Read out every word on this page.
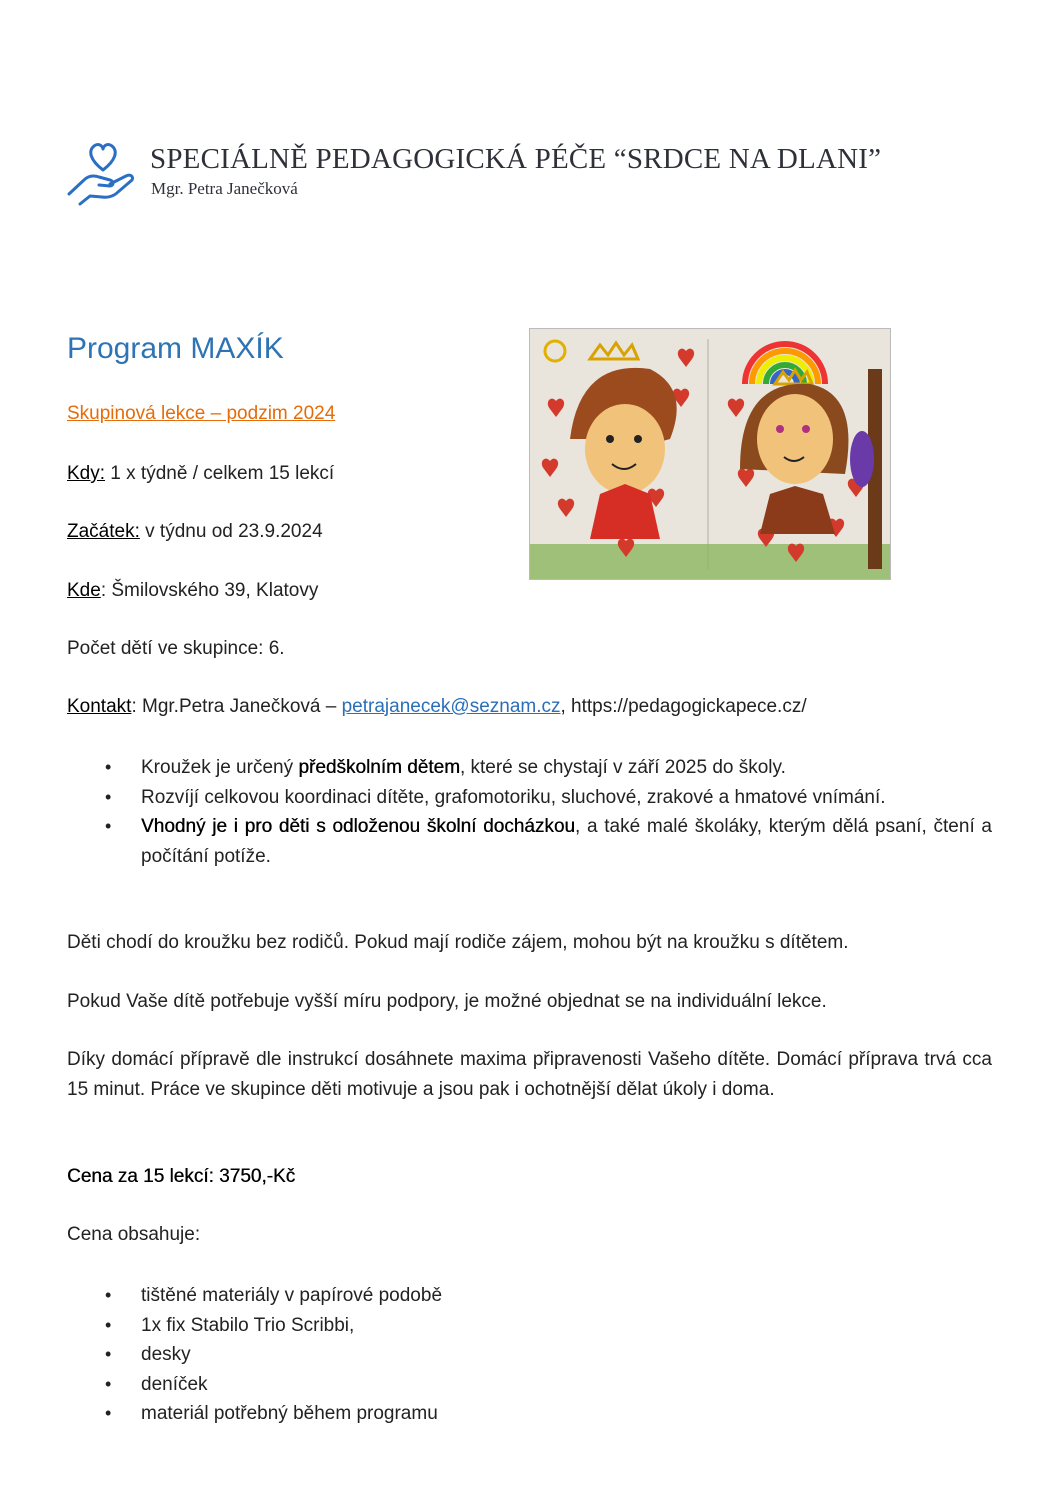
SPECIÁLNĚ PEDAGOGICKÁ PÉČE “SRDCE NA DLANI”
Mgr. Petra Janečková
Program MAXÍK
Skupinová lekce – podzim 2024
Kdy: 1 x týdně / celkem 15 lekcí
Začátek: v týdnu od 23.9.2024
Kde: Šmilovského 39, Klatovy
Počet dětí ve skupince: 6.
Kontakt: Mgr.Petra Janečková – petrajanecek@seznam.cz, https://pedagogickapece.cz/
• Kroužek je určený předškolním dětem, které se chystají v září 2025 do školy.
• Rozvíjí celkovou koordinaci dítěte, grafomotoriku, sluchové, zrakové a hmatové vnímání.
• Vhodný je i pro děti s odloženou školní docházkou, a také malé školáky, kterým dělá psaní, čtení a počítání potíže.

Děti chodí do kroužku bez rodičů. Pokud mají rodiče zájem, mohou být na kroužku s dítětem.

Pokud Vaše dítě potřebuje vyšší míru podpory, je možné objednat se na individuální lekce.

Díky domácí přípravě dle instrukcí dosáhnete maxima připravenosti Vašeho dítěte. Domácí příprava trvá cca 15 minut. Práce ve skupince děti motivuje a jsou pak i ochotnější dělat úkoly i doma.

Cena za 15 lekcí: 3750,-Kč
Cena obsahuje:
• tištěné materiály v papírové podobě
• 1x fix Stabilo Trio Scribbi,
• desky
• deníček
• materiál potřebný během programu
